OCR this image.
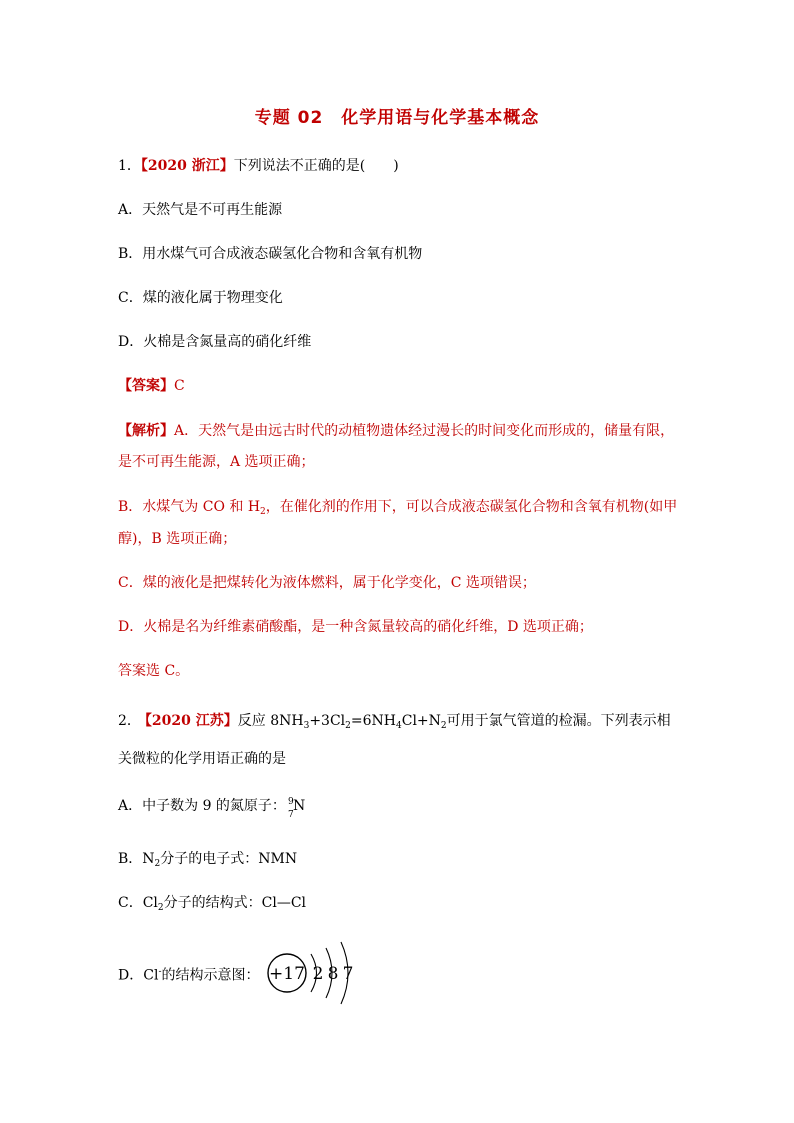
专题 02　化学用语与化学基本概念
1．【2020 浙江】下列说法不正确的是(　　)
A．天然气是不可再生能源
B．用水煤气可合成液态碳氢化合物和含氧有机物
C．煤的液化属于物理变化
D．火棉是含氮量高的硝化纤维
【答案】C
【解析】A．天然气是由远古时代的动植物遗体经过漫长的时间变化而形成的，储量有限，
是不可再生能源，A 选项正确；
B．水煤气为 CO 和 $H_2$，在催化剂的作用下，可以合成液态碳氢化合物和含氧有机物(如甲
醇)，B 选项正确；
C．煤的液化是把煤转化为液体燃料，属于化学变化，C 选项错误；
D．火棉是名为纤维素硝酸酯，是一种含氮量较高的硝化纤维，D 选项正确；
答案选 C。
2． 【2020 江苏】反应 $8NH_3+3Cl_2=6NH_4Cl+N_2$可用于氯气管道的检漏。下列表示相
关微粒的化学用语正确的是
A．中子数为 9 的氮原子： 9
7
N
B．$N_2$分子的电子式：NMN
C．$Cl_2$分子的结构式：Cl—Cl
D．Cl-的结构示意图： +17 2 8 7
